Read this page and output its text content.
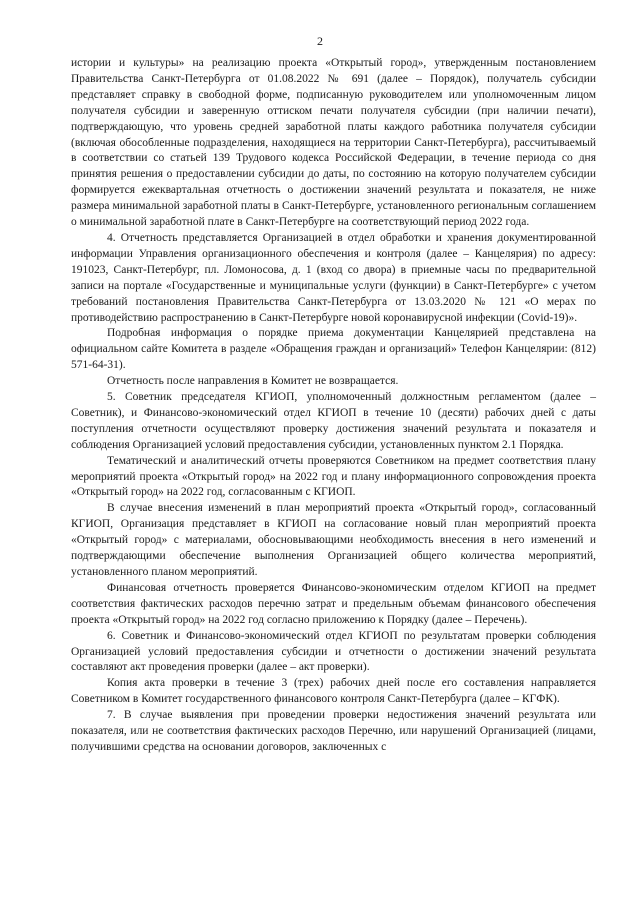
2

истории и культуры» на реализацию проекта «Открытый город», утвержденным постановлением Правительства Санкт-Петербурга от 01.08.2022 № 691 (далее – Порядок), получатель субсидии представляет справку в свободной форме, подписанную руководителем или уполномоченным лицом получателя субсидии и заверенную оттиском печати получателя субсидии (при наличии печати), подтверждающую, что уровень средней заработной платы каждого работника получателя субсидии (включая обособленные подразделения, находящиеся на территории Санкт-Петербурга), рассчитываемый в соответствии со статьей 139 Трудового кодекса Российской Федерации, в течение периода со дня принятия решения о предоставлении субсидии до даты, по состоянию на которую получателем субсидии формируется ежеквартальная отчетность о достижении значений результата и показателя, не ниже размера минимальной заработной платы в Санкт-Петербурге, установленного региональным соглашением о минимальной заработной плате в Санкт-Петербурге на соответствующий период 2022 года.

4. Отчетность представляется Организацией в отдел обработки и хранения документированной информации Управления организационного обеспечения и контроля (далее – Канцелярия) по адресу: 191023, Санкт-Петербург, пл. Ломоносова, д. 1 (вход со двора) в приемные часы по предварительной записи на портале «Государственные и муниципальные услуги (функции) в Санкт-Петербурге» с учетом требований постановления Правительства Санкт-Петербурга от 13.03.2020 № 121 «О мерах по противодействию распространению в Санкт-Петербурге новой коронавирусной инфекции (Covid-19)».

Подробная информация о порядке приема документации Канцелярией представлена на официальном сайте Комитета в разделе «Обращения граждан и организаций» Телефон Канцелярии: (812) 571-64-31).

Отчетность после направления в Комитет не возвращается.

5. Советник председателя КГИОП, уполномоченный должностным регламентом (далее – Советник), и Финансово-экономический отдел КГИОП в течение 10 (десяти) рабочих дней с даты поступления отчетности осуществляют проверку достижения значений результата и показателя и соблюдения Организацией условий предоставления субсидии, установленных пунктом 2.1 Порядка.

Тематический и аналитический отчеты проверяются Советником на предмет соответствия плану мероприятий проекта «Открытый город» на 2022 год и плану информационного сопровождения проекта «Открытый город» на 2022 год, согласованным с КГИОП.

В случае внесения изменений в план мероприятий проекта «Открытый город», согласованный КГИОП, Организация представляет в КГИОП на согласование новый план мероприятий проекта «Открытый город» с материалами, обосновывающими необходимость внесения в него изменений и подтверждающими обеспечение выполнения Организацией общего количества мероприятий, установленного планом мероприятий.

Финансовая отчетность проверяется Финансово-экономическим отделом КГИОП на предмет соответствия фактических расходов перечню затрат и предельным объемам финансового обеспечения проекта «Открытый город» на 2022 год согласно приложению к Порядку (далее – Перечень).

6. Советник и Финансово-экономический отдел КГИОП по результатам проверки соблюдения Организацией условий предоставления субсидии и отчетности о достижении значений результата составляют акт проведения проверки (далее – акт проверки).

Копия акта проверки в течение 3 (трех) рабочих дней после его составления направляется Советником в Комитет государственного финансового контроля Санкт-Петербурга (далее – КГФК).

7. В случае выявления при проведении проверки недостижения значений результата или показателя, или не соответствия фактических расходов Перечню, или нарушений Организацией (лицами, получившими средства на основании договоров, заключенных с
